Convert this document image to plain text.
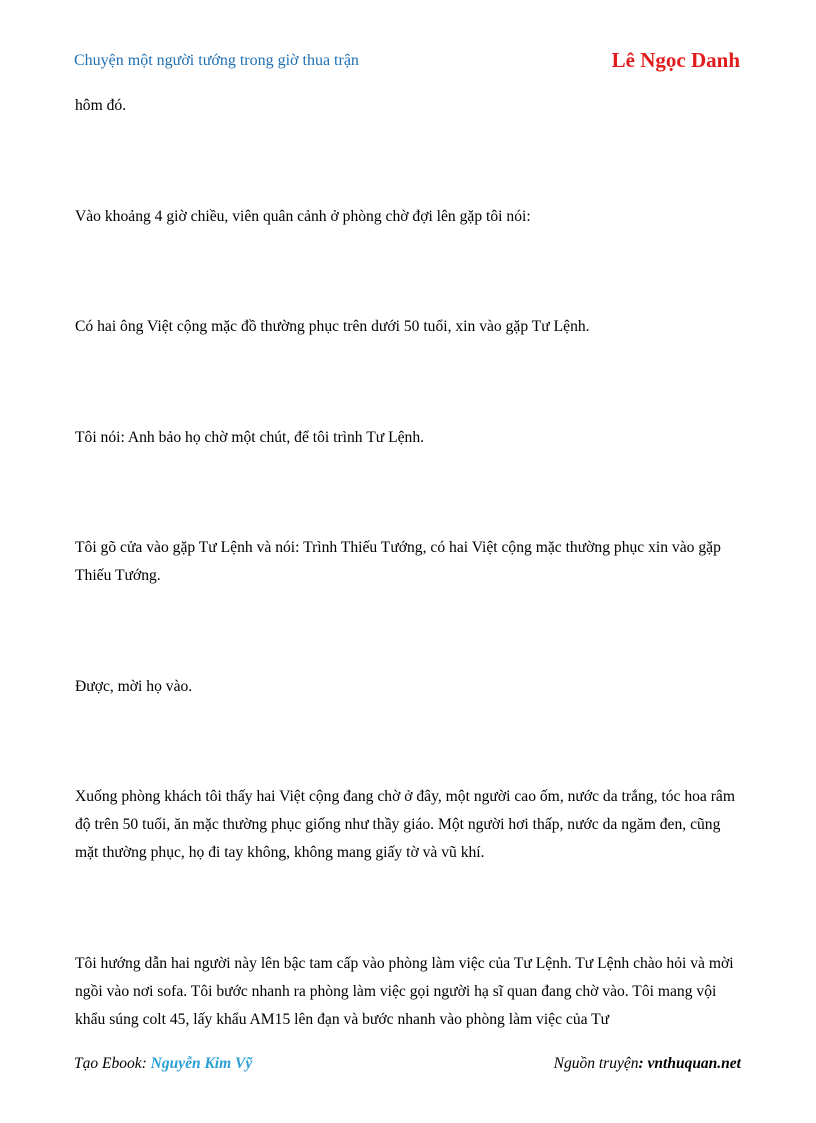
Chuyện một người tướng trong giờ thua trận	Lê Ngọc Danh

hôm đó.

Vào khoảng 4 giờ chiều, viên quân cảnh ở phòng chờ đợi lên gặp tôi nói:

Có hai ông Việt cộng mặc đồ thường phục trên dưới 50 tuổi, xin vào gặp Tư Lệnh.

Tôi nói: Anh bảo họ chờ một chút, để tôi trình Tư Lệnh.

Tôi gõ cửa vào gặp Tư Lệnh và nói: Trình Thiếu Tướng, có hai Việt cộng mặc thường phục xin vào gặp Thiếu Tướng.

Được, mời họ vào.

Xuống phòng khách tôi thấy hai Việt cộng đang chờ ở đây, một người cao ốm, nước da trắng, tóc hoa râm độ trên 50 tuổi, ăn mặc thường phục giống như thầy giáo. Một người hơi thấp, nước da ngăm đen, cũng mặt thường phục, họ đi tay không, không mang giấy tờ và vũ khí.

Tôi hướng dẫn hai người này lên bậc tam cấp vào phòng làm việc của Tư Lệnh. Tư Lệnh chào hỏi và mời ngồi vào nơi sofa. Tôi bước nhanh ra phòng làm việc gọi người hạ sĩ quan đang chờ vào. Tôi mang vội khẩu súng colt 45, lấy khẩu AM15 lên đạn và bước nhanh vào phòng làm việc của Tư

Tạo Ebook: Nguyễn Kim Vỹ	Nguồn truyện: vnthuquan.net
